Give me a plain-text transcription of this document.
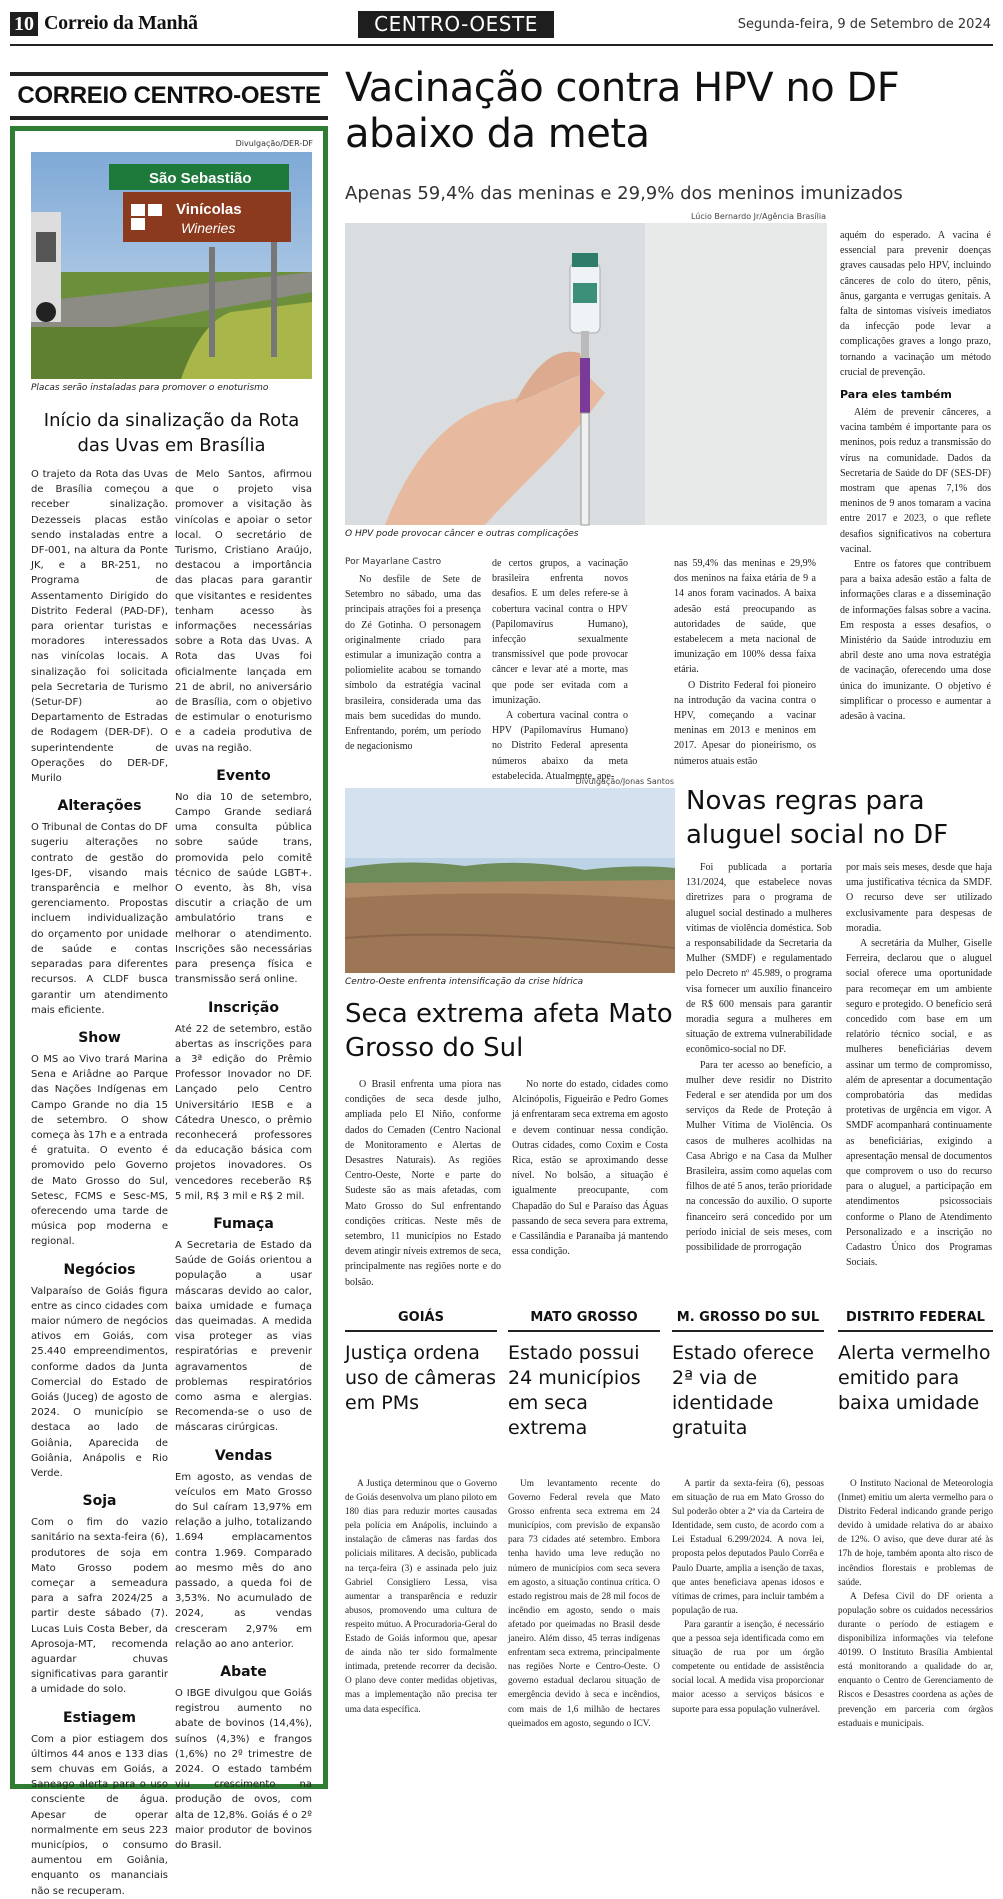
10 Correio da Manhã	CENTRO-OESTE	Segunda-feira, 9 de Setembro de 2024
CORREIO CENTRO-OESTE
Divulgação/DER-DF
São Sebastião
Vinícolas
Wineries
Placas serão instaladas para promover o enoturismo
Início da sinalização da Rota das Uvas em Brasília

O trajeto da Rota das Uvas de Brasília começou a receber sinalização. Dezesseis placas estão sendo instaladas entre a DF-001, na altura da Ponte JK, e a BR-251, no Programa de Assentamento Dirigido do Distrito Federal (PAD-DF), para orientar turistas e moradores interessados nas vinícolas locais. A sinalização foi solicitada pela Secretaria de Turismo (Setur-DF) ao Departamento de Estradas de Rodagem (DER-DF). O superintendente de Operações do DER-DF, Murilo

Alterações

O Tribunal de Contas do DF sugeriu alterações no contrato de gestão do Iges-DF, visando mais transparência e melhor gerenciamento. Propostas incluem individualização do orçamento por unidade de saúde e contas separadas para diferentes recursos. A CLDF busca garantir um atendimento mais eficiente.

Show

O MS ao Vivo trará Marina Sena e Ariâdne ao Parque das Nações Indígenas em Campo Grande no dia 15 de setembro. O show começa às 17h e a entrada é gratuita. O evento é promovido pelo Governo de Mato Grosso do Sul, Setesc, FCMS e Sesc-MS, oferecendo uma tarde de música pop moderna e regional.

Negócios

Valparaíso de Goiás figura entre as cinco cidades com maior número de negócios ativos em Goiás, com 25.440 empreendimentos, conforme dados da Junta Comercial do Estado de Goiás (Juceg) de agosto de 2024. O município se destaca ao lado de Goiânia, Aparecida de Goiânia, Anápolis e Rio Verde.

Soja

Com o fim do vazio sanitário na sexta-feira (6), produtores de soja em Mato Grosso podem começar a semeadura para a safra 2024/25 a partir deste sábado (7). Lucas Luis Costa Beber, da Aprosoja-MT, recomenda aguardar chuvas significativas para garantir a umidade do solo.

Estiagem

Com a pior estiagem dos últimos 44 anos e 133 dias sem chuvas em Goiás, a Saneago alerta para o uso consciente de água. Apesar de operar normalmente em seus 223 municípios, o consumo aumentou em Goiânia, enquanto os mananciais não se recuperam.

de Melo Santos, afirmou que o projeto visa promover a visitação às vinícolas e apoiar o setor local. O secretário de Turismo, Cristiano Araújo, destacou a importância das placas para garantir que visitantes e residentes tenham acesso às informações necessárias sobre a Rota das Uvas. A Rota das Uvas foi oficialmente lançada em 21 de abril, no aniversário de Brasília, com o objetivo de estimular o enoturismo e a cadeia produtiva de uvas na região.

Evento

No dia 10 de setembro, Campo Grande sediará uma consulta pública sobre saúde trans, promovida pelo comitê técnico de saúde LGBT+. O evento, às 8h, visa discutir a criação de um ambulatório trans e melhorar o atendimento. Inscrições são necessárias para presença física e transmissão será online.

Inscrição

Até 22 de setembro, estão abertas as inscrições para a 3ª edição do Prêmio Professor Inovador no DF. Lançado pelo Centro Universitário IESB e a Cátedra Unesco, o prêmio reconhecerá professores da educação básica com projetos inovadores. Os vencedores receberão R$ 5 mil, R$ 3 mil e R$ 2 mil.

Fumaça

A Secretaria de Estado da Saúde de Goiás orientou a população a usar máscaras devido ao calor, baixa umidade e fumaça das queimadas. A medida visa proteger as vias respiratórias e prevenir agravamentos de problemas respiratórios como asma e alergias. Recomenda-se o uso de máscaras cirúrgicas.

Vendas

Em agosto, as vendas de veículos em Mato Grosso do Sul caíram 13,97% em relação a julho, totalizando 1.694 emplacamentos contra 1.969. Comparado ao mesmo mês do ano passado, a queda foi de 3,53%. No acumulado de 2024, as vendas cresceram 2,97% em relação ao ano anterior.

Abate

O IBGE divulgou que Goiás registrou aumento no abate de bovinos (14,4%), suínos (4,3%) e frangos (1,6%) no 2º trimestre de 2024. O estado também viu crescimento na produção de ovos, com alta de 12,8%. Goiás é o 2º maior produtor de bovinos do Brasil.

Vacinação contra HPV no DF abaixo da meta
Apenas 59,4% das meninas e 29,9% dos meninos imunizados
Lúcio Bernardo Jr/Agência Brasília
O HPV pode provocar câncer e outras complicações
Por Mayarlane Castro

No desfile de Sete de Setembro no sábado, uma das principais atrações foi a presença do Zé Gotinha. O personagem originalmente criado para estimular a imunização contra a poliomielite acabou se tornando símbolo da estratégia vacinal brasileira, considerada uma das mais bem sucedidas do mundo. Enfrentando, porém, um período de negacionismo

de certos grupos, a vacinação brasileira enfrenta novos desafios. E um deles refere-se à cobertura vacinal contra o HPV (Papilomavírus Humano), infecção sexualmente transmissível que pode provocar câncer e levar até a morte, mas que pode ser evitada com a imunização.

A cobertura vacinal contra o HPV (Papilomavírus Humano) no Distrito Federal apresenta números abaixo da meta estabelecida. Atualmente, ape-

nas 59,4% das meninas e 29,9% dos meninos na faixa etária de 9 a 14 anos foram vacinados. A baixa adesão está preocupando as autoridades de saúde, que estabelecem a meta nacional de imunização em 100% dessa faixa etária.

O Distrito Federal foi pioneiro na introdução da vacina contra o HPV, começando a vacinar meninas em 2013 e meninos em 2017. Apesar do pioneirismo, os números atuais estão

aquém do esperado. A vacina é essencial para prevenir doenças graves causadas pelo HPV, incluindo cânceres de colo do útero, pênis, ânus, garganta e verrugas genitais. A falta de sintomas visíveis imediatos da infecção pode levar a complicações graves a longo prazo, tornando a vacinação um método crucial de prevenção.

Para eles também

Além de prevenir cânceres, a vacina também é importante para os meninos, pois reduz a transmissão do vírus na comunidade. Dados da Secretaria de Saúde do DF (SES-DF) mostram que apenas 7,1% dos meninos de 9 anos tomaram a vacina entre 2017 e 2023, o que reflete desafios significativos na cobertura vacinal.

Entre os fatores que contribuem para a baixa adesão estão a falta de informações claras e a disseminação de informações falsas sobre a vacina. Em resposta a esses desafios, o Ministério da Saúde introduziu em abril deste ano uma nova estratégia de vacinação, oferecendo uma dose única do imunizante. O objetivo é simplificar o processo e aumentar a adesão à vacina.

Divulgação/Jonas Santos
Centro-Oeste enfrenta intensificação da crise hídrica
Seca extrema afeta Mato Grosso do Sul

O Brasil enfrenta uma piora nas condições de seca desde julho, ampliada pelo El Niño, conforme dados do Cemaden (Centro Nacional de Monitoramento e Alertas de Desastres Naturais). As regiões Centro-Oeste, Norte e parte do Sudeste são as mais afetadas, com Mato Grosso do Sul enfrentando condições críticas. Neste mês de setembro, 11 municípios no Estado devem atingir níveis extremos de seca, principalmente nas regiões norte e do bolsão.

No norte do estado, cidades como Alcinópolis, Figueirão e Pedro Gomes já enfrentaram seca extrema em agosto e devem continuar nessa condição. Outras cidades, como Coxim e Costa Rica, estão se aproximando desse nível. No bolsão, a situação é igualmente preocupante, com Chapadão do Sul e Paraíso das Águas passando de seca severa para extrema, e Cassilândia e Paranaíba já mantendo essa condição.

Novas regras para aluguel social no DF

Foi publicada a portaria 131/2024, que estabelece novas diretrizes para o programa de aluguel social destinado a mulheres vítimas de violência doméstica. Sob a responsabilidade da Secretaria da Mulher (SMDF) e regulamentado pelo Decreto nº 45.989, o programa visa fornecer um auxílio financeiro de R$ 600 mensais para garantir moradia segura a mulheres em situação de extrema vulnerabilidade econômico-social no DF.

Para ter acesso ao benefício, a mulher deve residir no Distrito Federal e ser atendida por um dos serviços da Rede de Proteção à Mulher Vítima de Violência. Os casos de mulheres acolhidas na Casa Abrigo e na Casa da Mulher Brasileira, assim como aquelas com filhos de até 5 anos, terão prioridade na concessão do auxílio. O suporte financeiro será concedido por um período inicial de seis meses, com possibilidade de prorrogação

por mais seis meses, desde que haja uma justificativa técnica da SMDF. O recurso deve ser utilizado exclusivamente para despesas de moradia.

A secretária da Mulher, Giselle Ferreira, declarou que o aluguel social oferece uma oportunidade para recomeçar em um ambiente seguro e protegido. O benefício será concedido com base em um relatório técnico social, e as mulheres beneficiárias devem assinar um termo de compromisso, além de apresentar a documentação comprobatória das medidas protetivas de urgência em vigor. A SMDF acompanhará continuamente as beneficiárias, exigindo a apresentação mensal de documentos que comprovem o uso do recurso para o aluguel, a participação em atendimentos psicossociais conforme o Plano de Atendimento Personalizado e a inscrição no Cadastro Único dos Programas Sociais.

GOIÁS
Justiça ordena uso de câmeras em PMs

A Justiça determinou que o Governo de Goiás desenvolva um plano piloto em 180 dias para reduzir mortes causadas pela polícia em Anápolis, incluindo a instalação de câmeras nas fardas dos policiais militares. A decisão, publicada na terça-feira (3) e assinada pelo juiz Gabriel Consigliero Lessa, visa aumentar a transparência e reduzir abusos, promovendo uma cultura de respeito mútuo. A Procuradoria-Geral do Estado de Goiás informou que, apesar de ainda não ter sido formalmente intimada, pretende recorrer da decisão. O plano deve conter medidas objetivas, mas a implementação não precisa ter uma data específica.

MATO GROSSO
Estado possui 24 municípios em seca extrema

Um levantamento recente do Governo Federal revela que Mato Grosso enfrenta seca extrema em 24 municípios, com previsão de expansão para 73 cidades até setembro. Embora tenha havido uma leve redução no número de municípios com seca severa em agosto, a situação continua crítica. O estado registrou mais de 28 mil focos de incêndio em agosto, sendo o mais afetado por queimadas no Brasil desde janeiro. Além disso, 45 terras indígenas enfrentam seca extrema, principalmente nas regiões Norte e Centro-Oeste. O governo estadual declarou situação de emergência devido à seca e incêndios, com mais de 1,6 milhão de hectares queimados em agosto, segundo o ICV.

M. GROSSO DO SUL
Estado oferece 2ª via de identidade gratuita

A partir da sexta-feira (6), pessoas em situação de rua em Mato Grosso do Sul poderão obter a 2ª via da Carteira de Identidade, sem custo, de acordo com a Lei Estadual 6.299/2024. A nova lei, proposta pelos deputados Paulo Corrêa e Paulo Duarte, amplia a isenção de taxas, que antes beneficiava apenas idosos e vítimas de crimes, para incluir também a população de rua.

Para garantir a isenção, é necessário que a pessoa seja identificada como em situação de rua por um órgão competente ou entidade de assistência social local. A medida visa proporcionar maior acesso a serviços básicos e suporte para essa população vulnerável.

DISTRITO FEDERAL
Alerta vermelho emitido para baixa umidade

O Instituto Nacional de Meteorologia (Inmet) emitiu um alerta vermelho para o Distrito Federal indicando grande perigo devido à umidade relativa do ar abaixo de 12%. O aviso, que deve durar até às 17h de hoje, também aponta alto risco de incêndios florestais e problemas de saúde.

A Defesa Civil do DF orienta a população sobre os cuidados necessários durante o período de estiagem e disponibiliza informações via telefone 40199. O Instituto Brasília Ambiental está monitorando a qualidade do ar, enquanto o Centro de Gerenciamento de Riscos e Desastres coordena as ações de prevenção em parceria com órgãos estaduais e municipais.
